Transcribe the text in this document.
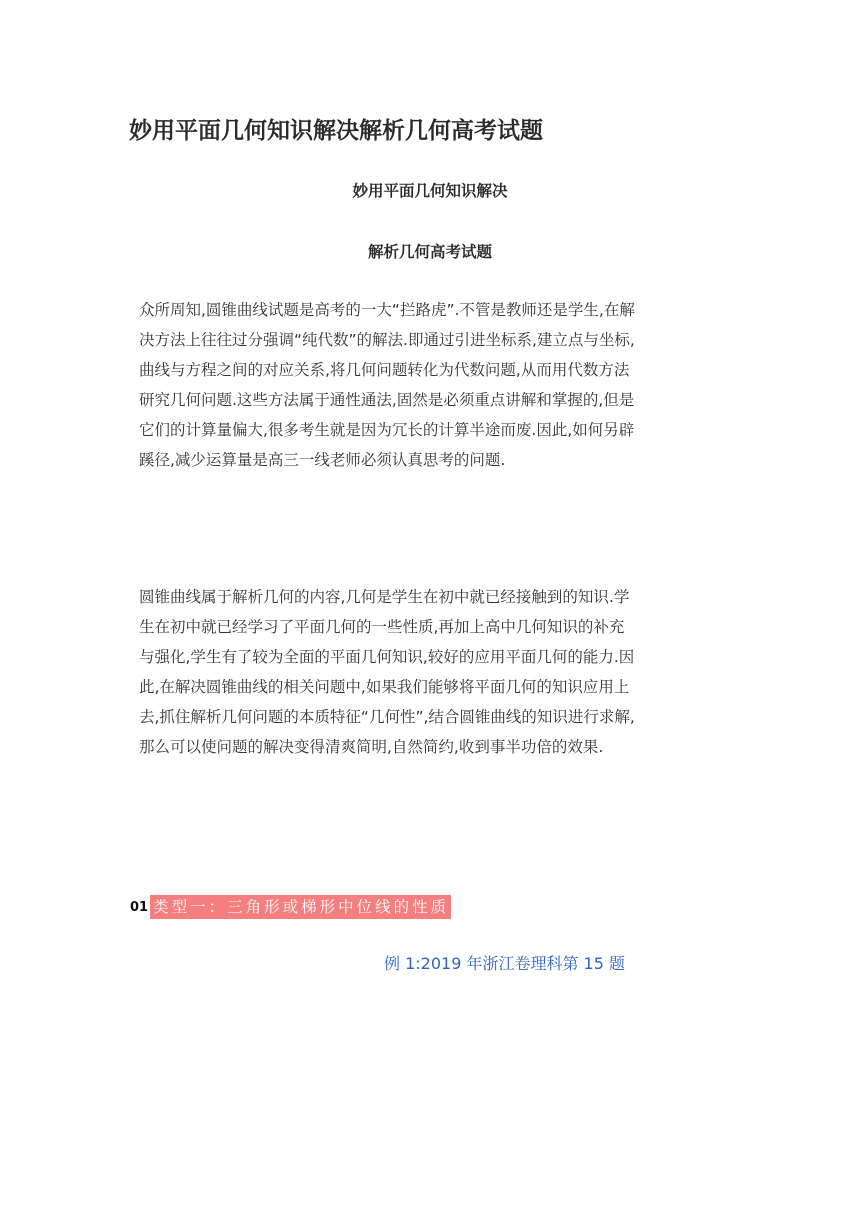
妙用平面几何知识解决解析几何高考试题
妙用平面几何知识解决
解析几何高考试题

众所周知,圆锥曲线试题是高考的一大“拦路虎”.不管是教师还是学生,在解

决方法上往往过分强调“纯代数”的解法.即通过引进坐标系,建立点与坐标,

曲线与方程之间的对应关系,将几何问题转化为代数问题,从而用代数方法

研究几何问题.这些方法属于通性通法,固然是必须重点讲解和掌握的,但是

它们的计算量偏大,很多考生就是因为冗长的计算半途而废.因此,如何另辟

蹊径,减少运算量是高三一线老师必须认真思考的问题.

圆锥曲线属于解析几何的内容,几何是学生在初中就已经接触到的知识.学

生在初中就已经学习了平面几何的一些性质,再加上高中几何知识的补充

与强化,学生有了较为全面的平面几何知识,较好的应用平面几何的能力.因

此,在解决圆锥曲线的相关问题中,如果我们能够将平面几何的知识应用上

去,抓住解析几何问题的本质特征“几何性”,结合圆锥曲线的知识进行求解,

那么可以使问题的解决变得清爽简明,自然简约,收到事半功倍的效果.

01 类型一：三角形或梯形中位线的性质
例 1:2019 年浙江卷理科第 15 题
